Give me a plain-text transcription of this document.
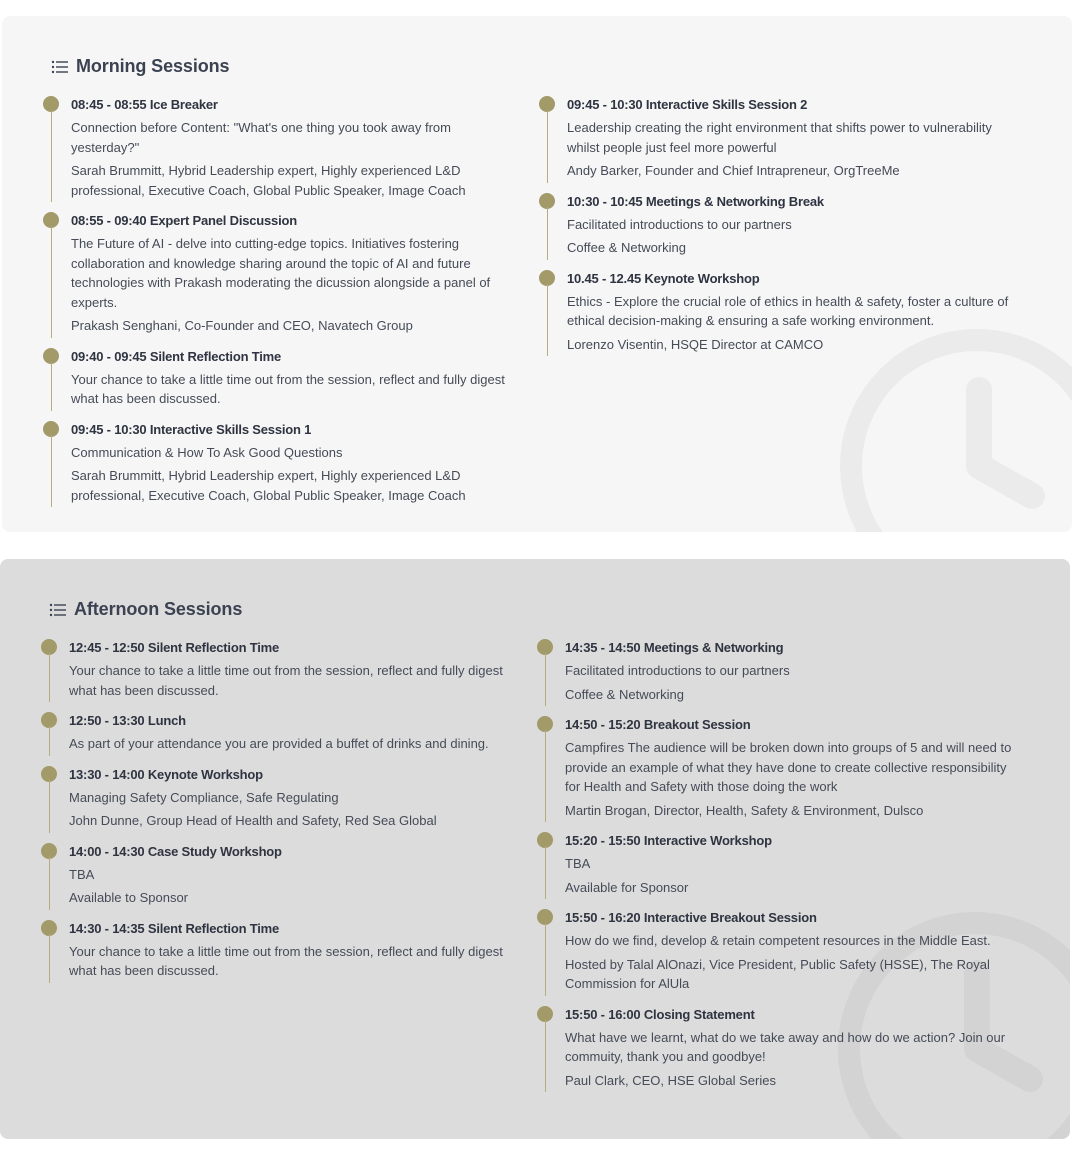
Morning Sessions
08:45 - 08:55 Ice Breaker
Connection before Content: "What's one thing you took away from yesterday?"
Sarah Brummitt, Hybrid Leadership expert, Highly experienced L&D professional, Executive Coach, Global Public Speaker, Image Coach
08:55 - 09:40 Expert Panel Discussion
The Future of AI - delve into cutting-edge topics. Initiatives fostering collaboration and knowledge sharing around the topic of AI and future technologies with Prakash moderating the dicussion alongside a panel of experts.
Prakash Senghani, Co-Founder and CEO, Navatech Group
09:40 - 09:45 Silent Reflection Time
Your chance to take a little time out from the session, reflect and fully digest what has been discussed.
09:45 - 10:30 Interactive Skills Session 1
Communication & How To Ask Good Questions
Sarah Brummitt, Hybrid Leadership expert, Highly experienced L&D professional, Executive Coach, Global Public Speaker, Image Coach
09:45 - 10:30 Interactive Skills Session 2
Leadership creating the right environment that shifts power to vulnerability whilst people just feel more powerful
Andy Barker, Founder and Chief Intrapreneur, OrgTreeMe
10:30 - 10:45 Meetings & Networking Break
Facilitated introductions to our partners
Coffee & Networking
10.45 - 12.45 Keynote Workshop
Ethics - Explore the crucial role of ethics in health & safety, foster a culture of ethical decision-making & ensuring a safe working environment.
Lorenzo Visentin, HSQE Director at CAMCO
Afternoon Sessions
12:45 - 12:50 Silent Reflection Time
Your chance to take a little time out from the session, reflect and fully digest what has been discussed.
12:50 - 13:30 Lunch
As part of your attendance you are provided a buffet of drinks and dining.
13:30 - 14:00 Keynote Workshop
Managing Safety Compliance, Safe Regulating
John Dunne, Group Head of Health and Safety, Red Sea Global
14:00 - 14:30 Case Study Workshop
TBA
Available to Sponsor
14:30 - 14:35 Silent Reflection Time
Your chance to take a little time out from the session, reflect and fully digest what has been discussed.
14:35 - 14:50 Meetings & Networking
Facilitated introductions to our partners
Coffee & Networking
14:50 - 15:20 Breakout Session
Campfires The audience will be broken down into groups of 5 and will need to provide an example of what they have done to create collective responsibility for Health and Safety with those doing the work
Martin Brogan, Director, Health, Safety & Environment, Dulsco
15:20 - 15:50 Interactive Workshop
TBA
Available for Sponsor
15:50 - 16:20 Interactive Breakout Session
How do we find, develop & retain competent resources in the Middle East.
Hosted by Talal AlOnazi, Vice President, Public Safety (HSSE), The Royal Commission for AlUla
15:50 - 16:00 Closing Statement
What have we learnt, what do we take away and how do we action? Join our commuity, thank you and goodbye!
Paul Clark, CEO, HSE Global Series
